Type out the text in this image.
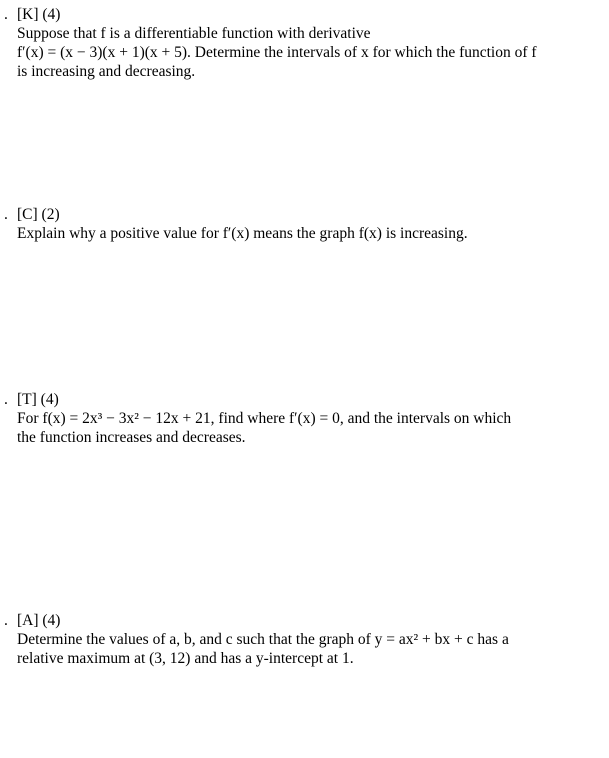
. [K] (4)
Suppose that f is a differentiable function with derivative
f′(x) = (x − 3)(x + 1)(x + 5). Determine the intervals of x for which the function of f
is increasing and decreasing.
. [C] (2)
Explain why a positive value for f′(x) means the graph f(x) is increasing.
. [T] (4)
For f(x) = 2x³ − 3x² − 12x + 21, find where f′(x) = 0, and the intervals on which
the function increases and decreases.
. [A] (4)
Determine the values of a, b, and c such that the graph of y = ax² + bx + c has a
relative maximum at (3, 12) and has a y-intercept at 1.
